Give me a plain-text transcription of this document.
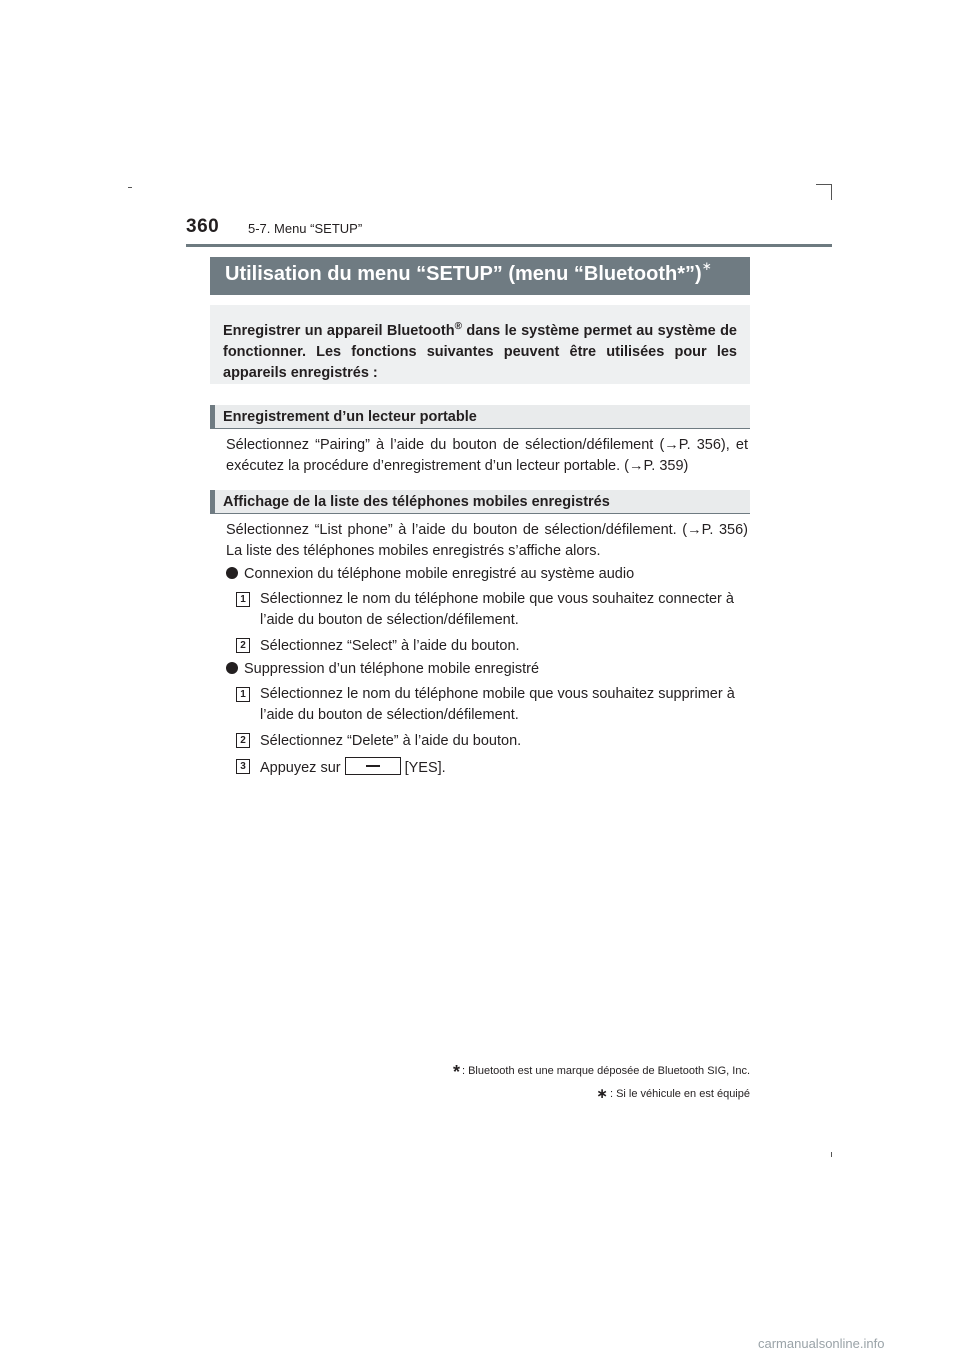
360 5-7. Menu “SETUP”
Utilisation du menu “SETUP” (menu “Bluetooth*”)∗
Enregistrer un appareil Bluetooth® dans le système permet au système de fonctionner. Les fonctions suivantes peuvent être utilisées pour les appareils enregistrés :
Enregistrement d’un lecteur portable
Sélectionnez “Pairing” à l’aide du bouton de sélection/défilement (→P. 356), et exécutez la procédure d’enregistrement d’un lecteur portable. (→P. 359)
Affichage de la liste des téléphones mobiles enregistrés
Sélectionnez “List phone” à l’aide du bouton de sélection/défilement. (→P. 356) La liste des téléphones mobiles enregistrés s’affiche alors.
Connexion du téléphone mobile enregistré au système audio
1 Sélectionnez le nom du téléphone mobile que vous souhaitez connecter à l’aide du bouton de sélection/défilement.
2 Sélectionnez “Select” à l’aide du bouton.
Suppression d’un téléphone mobile enregistré
1 Sélectionnez le nom du téléphone mobile que vous souhaitez supprimer à l’aide du bouton de sélection/défilement.
2 Sélectionnez “Delete” à l’aide du bouton.
3 Appuyez sur	[YES].
* : Bluetooth est une marque déposée de Bluetooth SIG, Inc.
∗ : Si le véhicule en est équipé
carmanualsonline.info
